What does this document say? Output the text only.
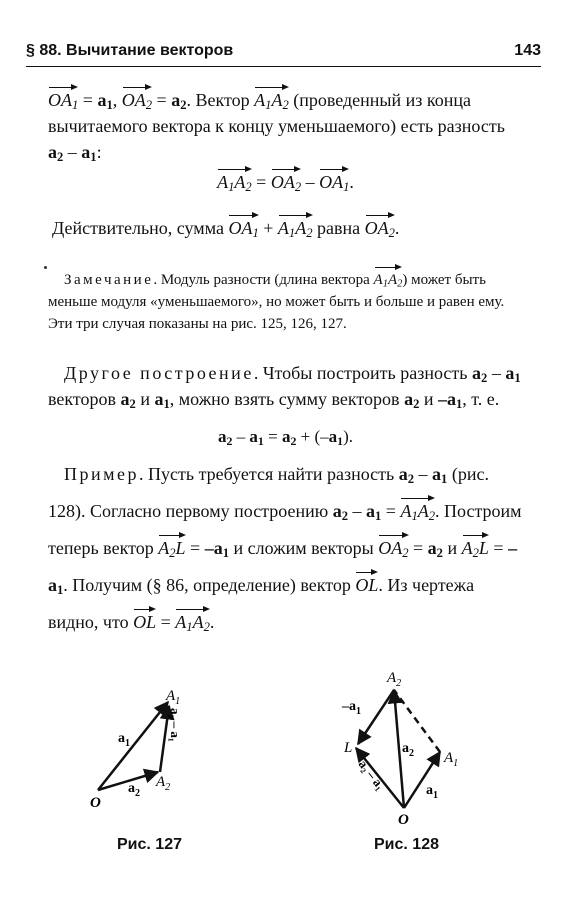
§ 88. Вычитание векторов	143
$OA_1 = a_1$, $OA_2 = a_2$. Вектор $A_1A_2$ (проведенный из конца вычитаемого вектора к концу уменьшаемого) есть разность $a_2 - a_1$:
$A_1A_2 = OA_2 - OA_1$.
Действительно, сумма $OA_1 + A_1A_2$ равна $OA_2$.
Замечание. Модуль разности (длина вектора $A_1A_2$) может быть меньше модуля «уменьшаемого», но может быть и больше и равен ему. Эти три случая показаны на рис. 125, 126, 127.
Другое построение. Чтобы построить разность $a_2 - a_1$ векторов $a_2$ и $a_1$, можно взять сумму векторов $a_2$ и $-a_1$, т. е.
$a_2 - a_1 = a_2 + (-a_1)$.
Пример. Пусть требуется найти разность $a_2 - a_1$ (рис. 128). Согласно первому построению $a_2 - a_1 = A_1A_2$. Построим теперь вектор $A_2L = -a_1$ и сложим векторы $OA_2 = a_2$ и $A_2L = -a_1$. Получим (§ 86, определение) вектор OL. Из чертежа видно, что OL = $A_1A_2$.
O
$A_1$
$A_2$
$a_1$
$a_2$
a₂ – a₁
Рис. 127
$A_2$
$A_1$
L
O
$-a_1$
$a_2$
$a_1$
a₂ – a₁
Рис. 128
